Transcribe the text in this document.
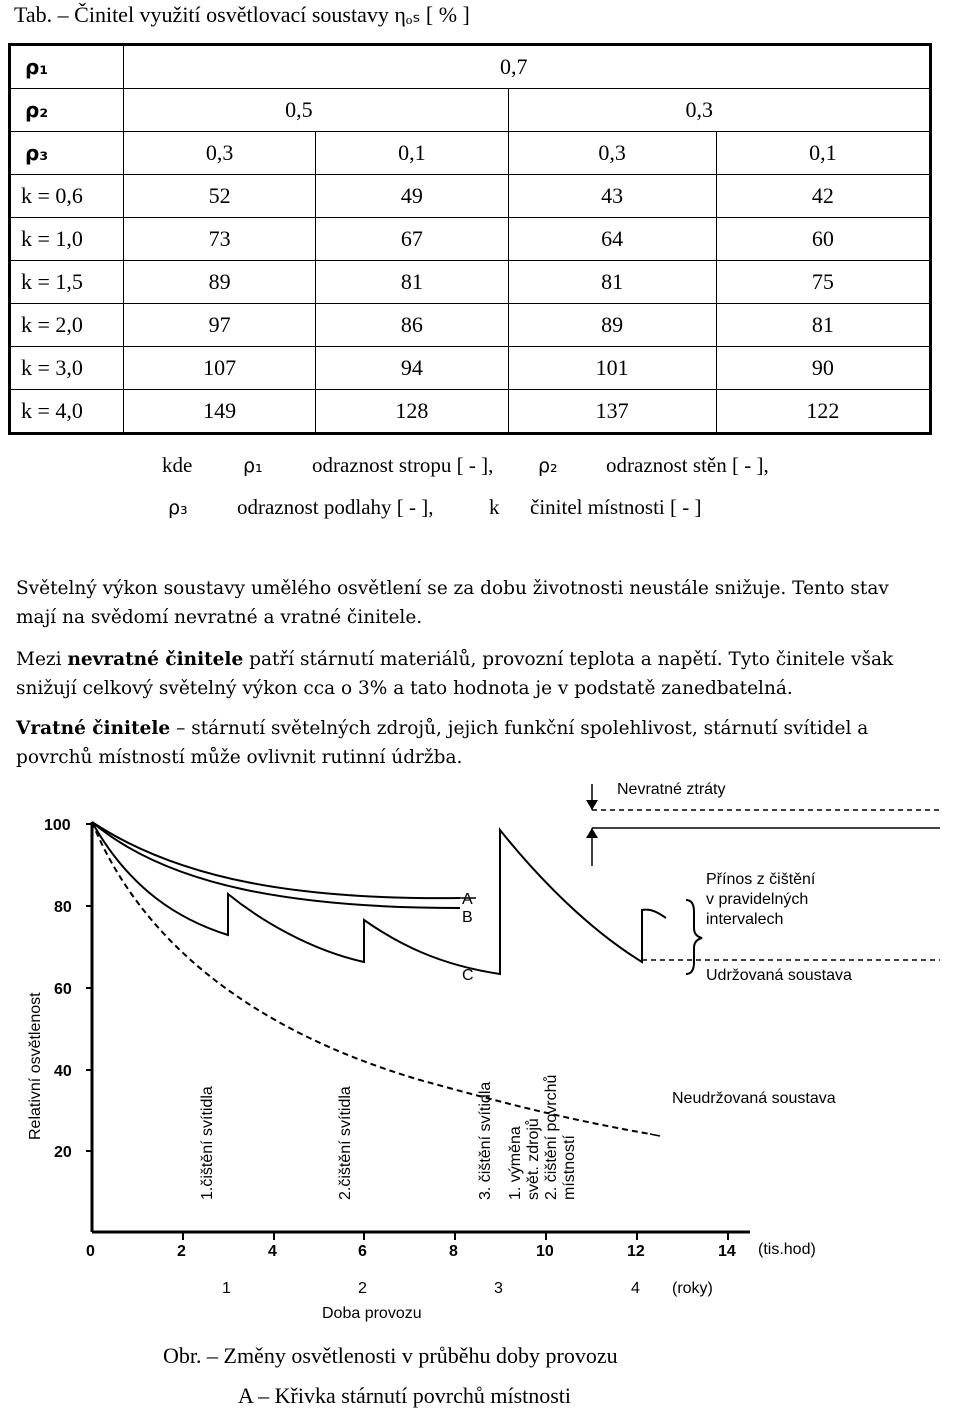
Tab. – Činitel využití osvětlovací soustavy ηₒₛ [ % ]
ρ₁	0,7			
ρ₂	0,5		0,3	
ρ₃	0,3	0,1	0,3	0,1
k = 0,6	52	49	43	42
k = 1,0	73	67	64	60
k = 1,5	89	81	81	75
k = 2,0	97	86	89	81
k = 3,0	107	94	101	90
k = 4,0	149	128	137	122
kde	ρ₁ odraznost stropu [ - ], ρ₂ odraznost stěn [ - ],
ρ₃ odraznost podlahy [ - ],	k činitel místnosti [ - ]
Světelný výkon soustavy umělého osvětlení se za dobu životnosti neustále snižuje. Tento stav
mají na svědomí nevratné a vratné činitele.
Mezi nevratné činitele patří stárnutí materiálů, provozní teplota a napětí. Tyto činitele však
snižují celkový světelný výkon cca o 3% a tato hodnota je v podstatě zanedbatelná.
Vratné činitele – stárnutí světelných zdrojů, jejich funkční spolehlivost, stárnutí svítidel a
povrchů místností může ovlivnit rutinní údržba.
100
80
60
40
20
Relativní osvětlenost
0	2	4	6	8	10	12	14 (tis.hod)
1	2	3	4 (roky)
Doba provozu
A
B
C
Nevratné ztráty
Přínos z čištění
v pravidelných
intervalech
Udržovaná soustava
Neudržovaná soustava
1.čištění svítidla	2.čištění svítidla	3. čištění svítidla 1. výměna svět. zdrojů 2. čištění povrchů místností
Obr. – Změny osvětlenosti v průběhu doby provozu
A – Křivka stárnutí povrchů místnosti
